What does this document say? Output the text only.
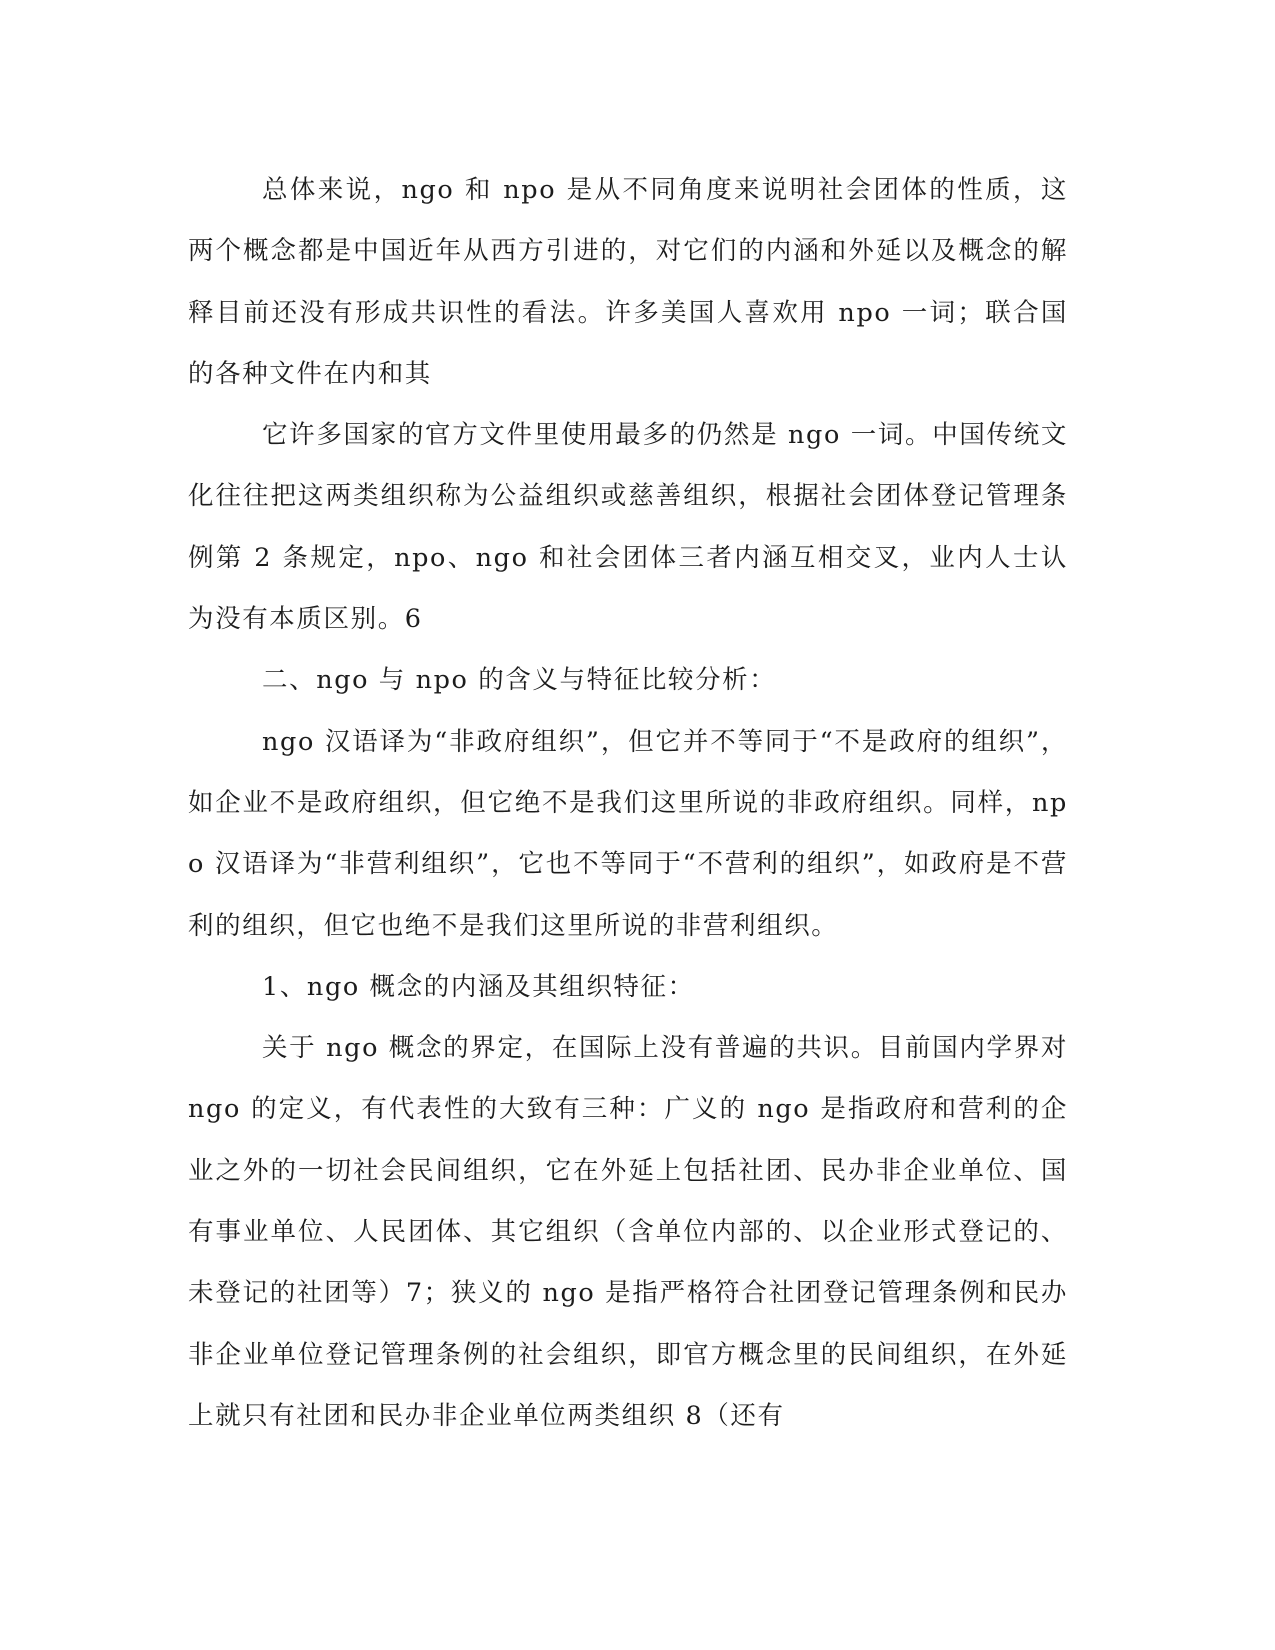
总体来说，ngo 和 npo 是从不同角度来说明社会团体的性质，这两个概念都是中国近年从西方引进的，对它们的内涵和外延以及概念的解释目前还没有形成共识性的看法。许多美国人喜欢用 npo 一词；联合国的各种文件在内和其

它许多国家的官方文件里使用最多的仍然是 ngo 一词。中国传统文化往往把这两类组织称为公益组织或慈善组织，根据社会团体登记管理条例第 2 条规定，npo、ngo 和社会团体三者内涵互相交叉，业内人士认为没有本质区别。6

二、ngo 与 npo 的含义与特征比较分析：

ngo 汉语译为“非政府组织”，但它并不等同于“不是政府的组织”，如企业不是政府组织，但它绝不是我们这里所说的非政府组织。同样，npo 汉语译为“非营利组织”，它也不等同于“不营利的组织”，如政府是不营利的组织，但它也绝不是我们这里所说的非营利组织。

1、ngo 概念的内涵及其组织特征：

关于 ngo 概念的界定，在国际上没有普遍的共识。目前国内学界对 ngo 的定义，有代表性的大致有三种：广义的 ngo 是指政府和营利的企业之外的一切社会民间组织，它在外延上包括社团、民办非企业单位、国有事业单位、人民团体、其它组织（含单位内部的、以企业形式登记的、未登记的社团等）7；狭义的 ngo 是指严格符合社团登记管理条例和民办非企业单位登记管理条例的社会组织，即官方概念里的民间组织，在外延上就只有社团和民办非企业单位两类组织 8（还有
